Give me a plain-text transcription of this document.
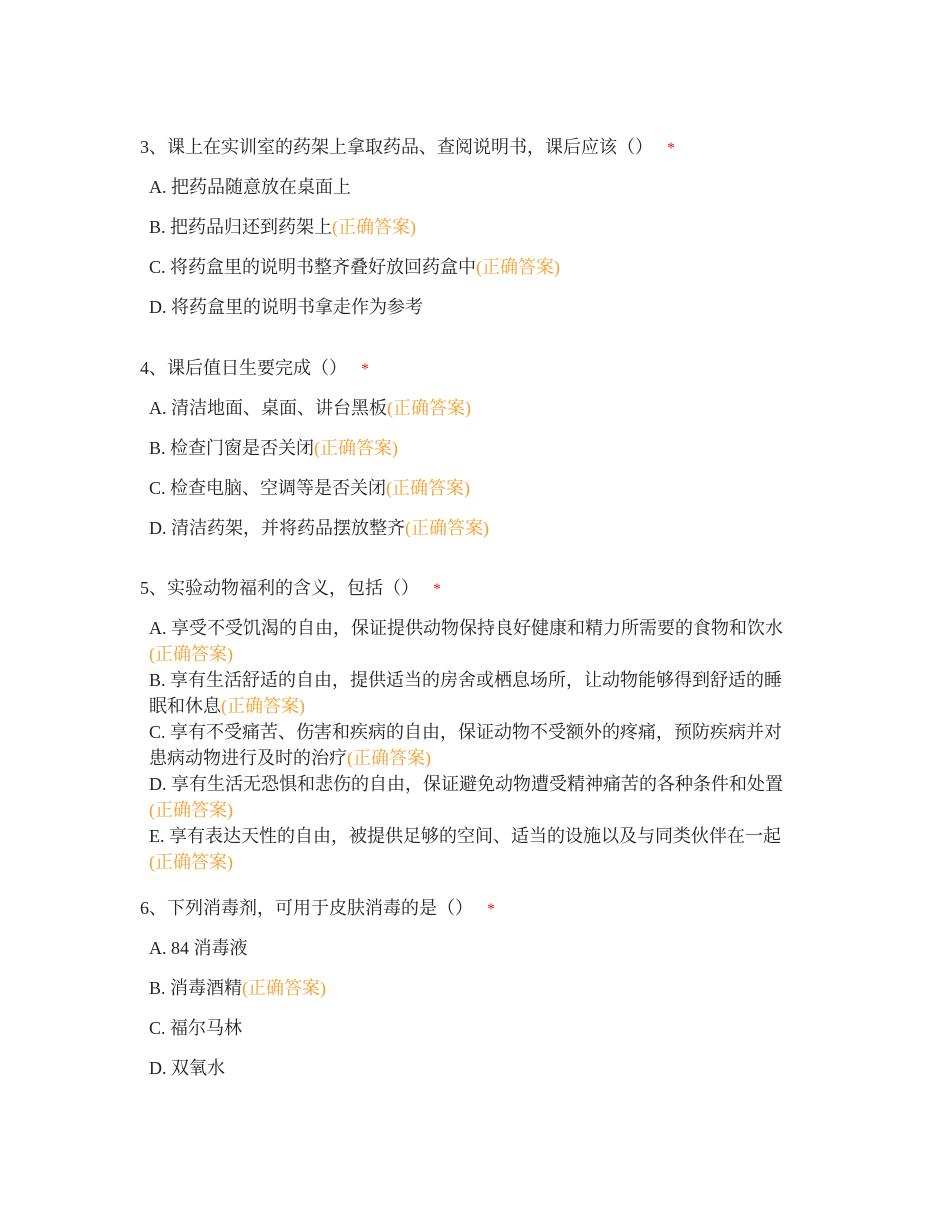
3、课上在实训室的药架上拿取药品、查阅说明书，课后应该（） *
A. 把药品随意放在桌面上
B. 把药品归还到药架上(正确答案)
C. 将药盒里的说明书整齐叠好放回药盒中(正确答案)
D. 将药盒里的说明书拿走作为参考
4、课后值日生要完成（） *
A. 清洁地面、桌面、讲台黑板(正确答案)
B. 检查门窗是否关闭(正确答案)
C. 检查电脑、空调等是否关闭(正确答案)
D. 清洁药架，并将药品摆放整齐(正确答案)
5、实验动物福利的含义，包括（） *
A. 享受不受饥渴的自由，保证提供动物保持良好健康和精力所需要的食物和饮水(正确答案)
B. 享有生活舒适的自由，提供适当的房舍或栖息场所，让动物能够得到舒适的睡眠和休息(正确答案)
C. 享有不受痛苦、伤害和疾病的自由，保证动物不受额外的疼痛，预防疾病并对患病动物进行及时的治疗(正确答案)
D. 享有生活无恐惧和悲伤的自由，保证避免动物遭受精神痛苦的各种条件和处置(正确答案)
E. 享有表达天性的自由，被提供足够的空间、适当的设施以及与同类伙伴在一起(正确答案)
6、下列消毒剂，可用于皮肤消毒的是（） *
A. 84 消毒液
B. 消毒酒精(正确答案)
C. 福尔马林
D. 双氧水
